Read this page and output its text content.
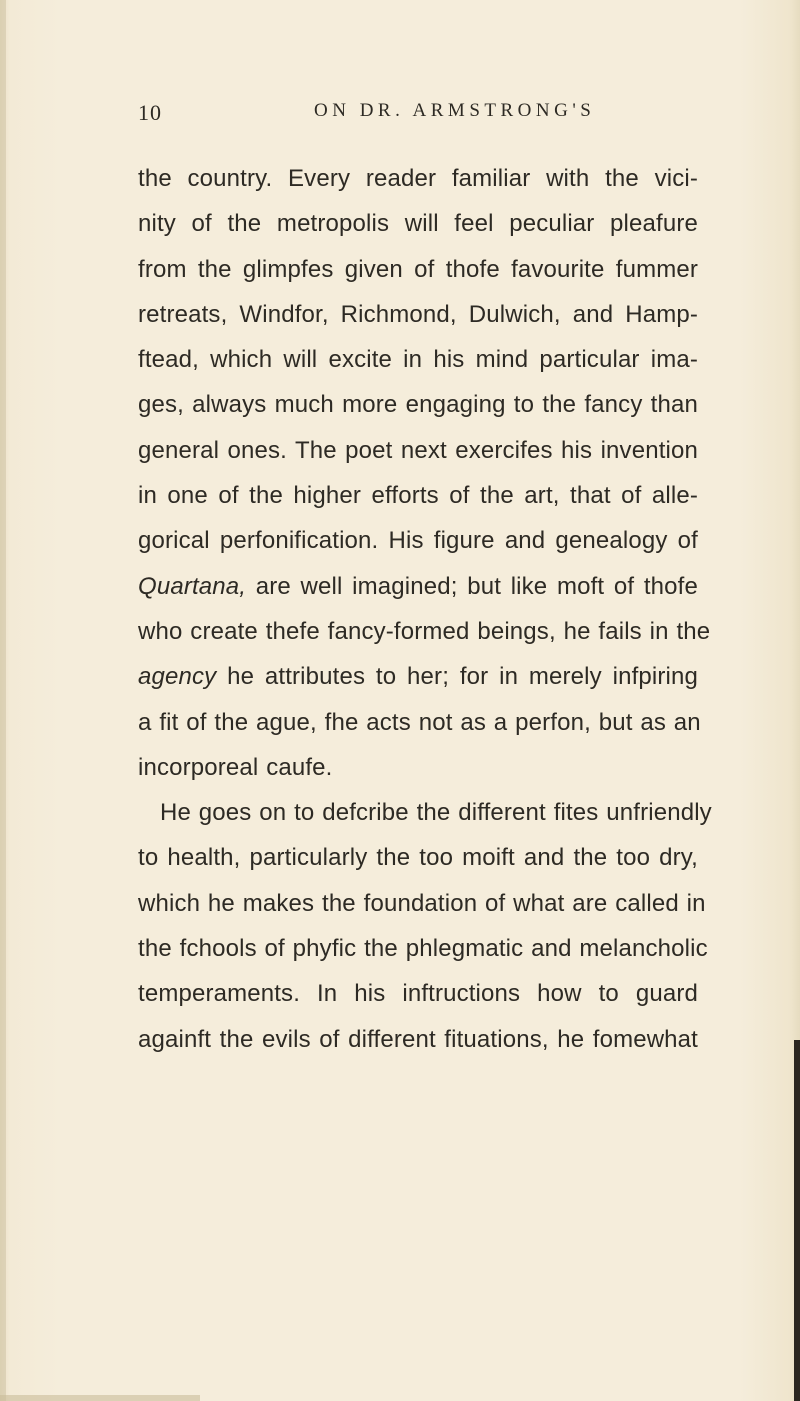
10	ON DR. ARMSTRONG'S
the country. Every reader familiar with the vici-
nity of the metropolis will feel peculiar pleafure
from the glimpfes given of thofe favourite fummer
retreats, Windfor, Richmond, Dulwich, and Hamp-
ftead, which will excite in his mind particular ima-
ges, always much more engaging to the fancy than
general ones. The poet next exercifes his invention
in one of the higher efforts of the art, that of alle-
gorical perfonification. His figure and genealogy of
Quartana, are well imagined; but like moft of thofe
who create thefe fancy-formed beings, he fails in the
agency he attributes to her; for in merely infpiring
a fit of the ague, fhe acts not as a perfon, but as an
incorporeal caufe.
He goes on to defcribe the different fites unfriendly
to health, particularly the too moift and the too dry,
which he makes the foundation of what are called in
the fchools of phyfic the phlegmatic and melancholic
temperaments. In his inftructions how to guard
againft the evils of different fituations, he fomewhat
